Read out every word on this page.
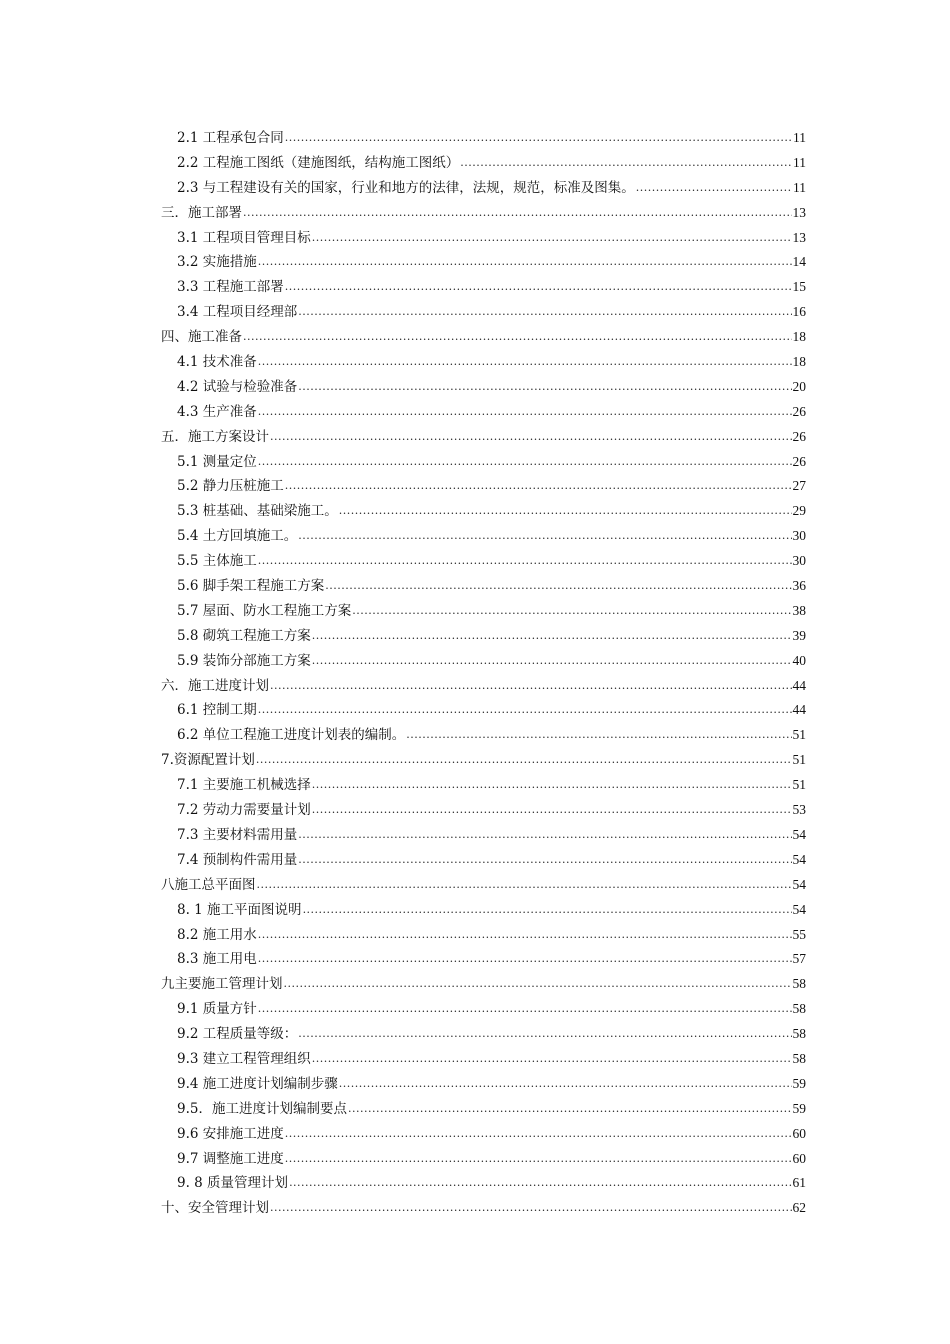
2.1 工程承包合同 .....	11
2.2 工程施工图纸（建施图纸，结构施工图纸） .....	11
2.3 与工程建设有关的国家，行业和地方的法律，法规，规范，标准及图集。 .....	11
三．施工部署 .....	13
3.1 工程项目管理目标 .....	13
3.2 实施措施 .....	14
3.3 工程施工部署 .....	15
3.4 工程项目经理部 .....	16
四、施工准备 .....	18
4.1 技术准备 .....	18
4.2 试验与检验准备 .....	20
4.3 生产准备 .....	26
五．施工方案设计 .....	26
5.1 测量定位 .....	26
5.2 静力压桩施工 .....	27
5.3 桩基础、基础梁施工。 .....	29
5.4 土方回填施工。 .....	30
5.5 主体施工 .....	30
5.6 脚手架工程施工方案 .....	36
5.7 屋面、防水工程施工方案 .....	38
5.8 砌筑工程施工方案 .....	39
5.9 装饰分部施工方案 .....	40
六．施工进度计划 .....	44
6.1 控制工期 .....	44
6.2 单位工程施工进度计划表的编制。 .....	51
7.资源配置计划 .....	51
7.1 主要施工机械选择 .....	51
7.2 劳动力需要量计划 .....	53
7.3 主要材料需用量 .....	54
7.4 预制构件需用量 .....	54
八施工总平面图 .....	54
8. 1 施工平面图说明 .....	54
8.2 施工用水 .....	55
8.3 施工用电 .....	57
九主要施工管理计划 .....	58
9.1 质量方针 .....	58
9.2 工程质量等级： .....	58
9.3 建立工程管理组织 .....	58
9.4 施工进度计划编制步骤 .....	59
9.5．施工进度计划编制要点 .....	59
9.6 安排施工进度 .....	60
9.7 调整施工进度 .....	60
9. 8 质量管理计划 .....	61
十、安全管理计划 .....	62
